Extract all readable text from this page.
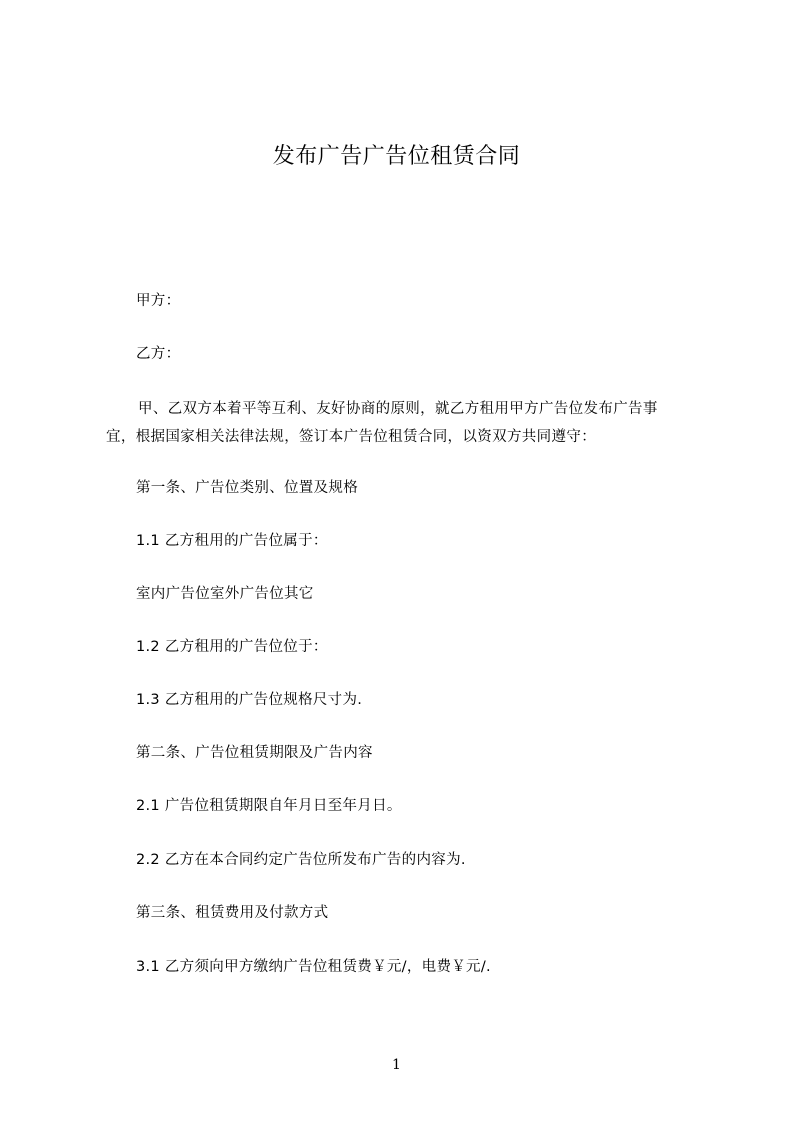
发布广告广告位租赁合同
甲方：
乙方：
甲、乙双方本着平等互利、友好协商的原则，就乙方租用甲方广告位发布广告事
宜，根据国家相关法律法规，签订本广告位租赁合同，以资双方共同遵守：
第一条、广告位类别、位置及规格
1.1 乙方租用的广告位属于：
室内广告位室外广告位其它
1.2 乙方租用的广告位位于：
1.3 乙方租用的广告位规格尺寸为.
第二条、广告位租赁期限及广告内容
2.1 广告位租赁期限自年月日至年月日。
2.2 乙方在本合同约定广告位所发布广告的内容为.
第三条、租赁费用及付款方式
3.1 乙方须向甲方缴纳广告位租赁费￥元/，电费￥元/.
1
